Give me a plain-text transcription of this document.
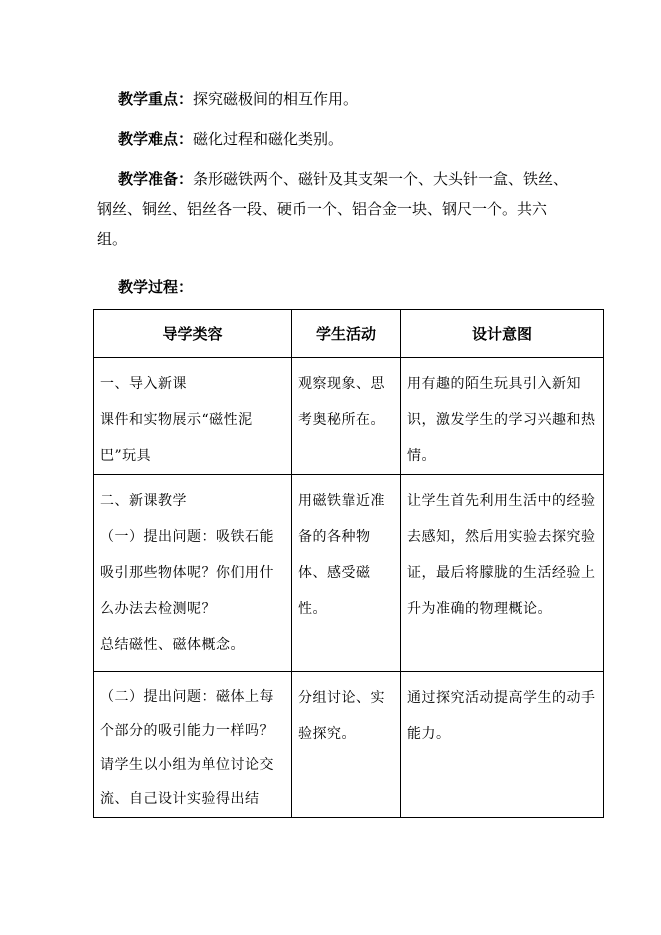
教学重点：探究磁极间的相互作用。
教学难点：磁化过程和磁化类别。
教学准备：条形磁铁两个、磁针及其支架一个、大头针一盒、铁丝、钢丝、铜丝、铝丝各一段、硬币一个、铝合金一块、钢尺一个。共六组。
教学过程：
导学类容	学生活动	设计意图

一、导入新课
课件和实物展示“磁性泥巴”玩具	观察现象、思考奥秘所在。	用有趣的陌生玩具引入新知识，激发学生的学习兴趣和热情。

二、新课教学
（一）提出问题：吸铁石能吸引那些物体呢？你们用什么办法去检测呢？
总结磁性、磁体概念。	用磁铁靠近准备的各种物体、感受磁性。	让学生首先利用生活中的经验去感知，然后用实验去探究验证，最后将朦胧的生活经验上升为准确的物理概论。

（二）提出问题：磁体上每个部分的吸引能力一样吗？
请学生以小组为单位讨论交流、自己设计实验得出结	分组讨论、实验探究。	通过探究活动提高学生的动手能力。
